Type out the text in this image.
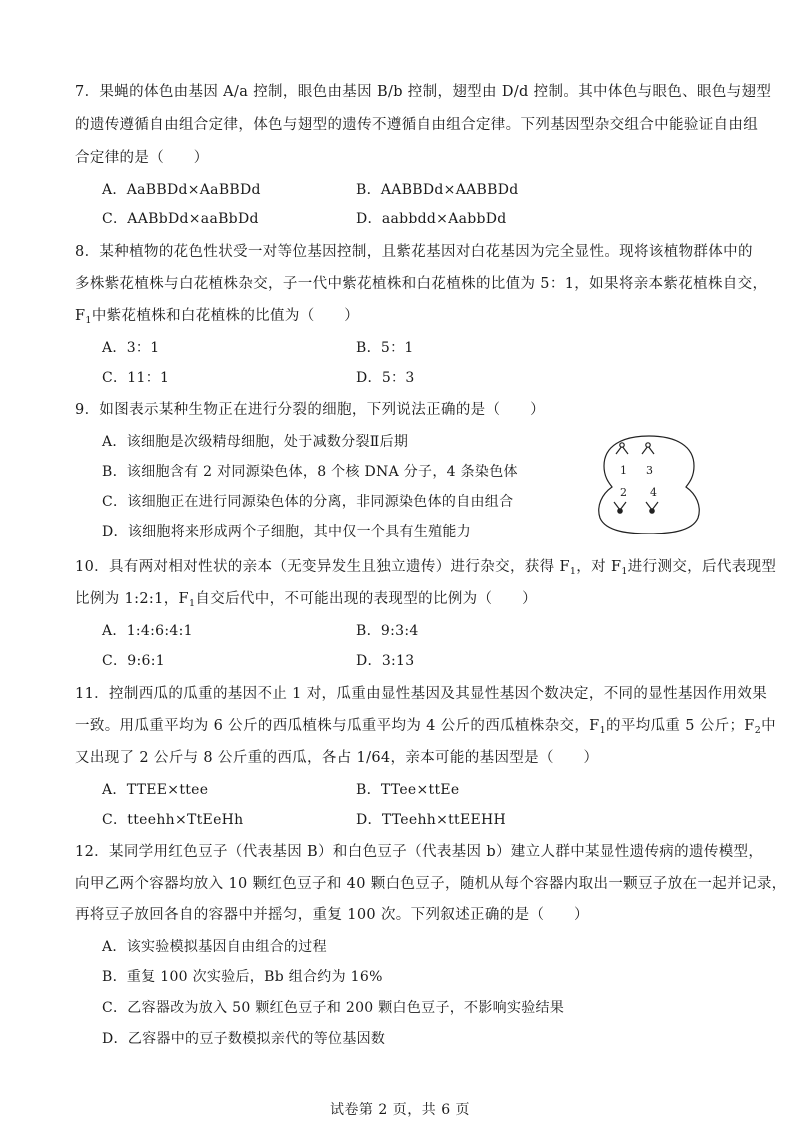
7．果蝇的体色由基因 A/a 控制，眼色由基因 B/b 控制，翅型由 D/d 控制。其中体色与眼色、眼色与翅型
的遗传遵循自由组合定律，体色与翅型的遗传不遵循自由组合定律。下列基因型杂交组合中能验证自由组
合定律的是（　　）
A．AaBBDd×AaBBDd	B．AABBDd×AABBDd
C．AABbDd×aaBbDd	D．aabbdd×AabbDd
8．某种植物的花色性状受一对等位基因控制，且紫花基因对白花基因为完全显性。现将该植物群体中的
多株紫花植株与白花植株杂交，子一代中紫花植株和白花植株的比值为 5：1，如果将亲本紫花植株自交，
$F_1$中紫花植株和白花植株的比值为（　　）
A．3：1	B．5：1
C．11：1	D．5：3
9．如图表示某种生物正在进行分裂的细胞，下列说法正确的是（　　）
A．该细胞是次级精母细胞，处于减数分裂Ⅱ后期
B．该细胞含有 2 对同源染色体，8 个核 DNA 分子，4 条染色体
C．该细胞正在进行同源染色体的分离，非同源染色体的自由组合
D．该细胞将来形成两个子细胞，其中仅一个具有生殖能力
1 3
2 4
10．具有两对相对性状的亲本（无变异发生且独立遗传）进行杂交，获得 $F_1$，对 $F_1$进行测交，后代表现型
比例为 1:2:1，$F_1$自交后代中，不可能出现的表现型的比例为（　　）
A．1:4:6:4:1	B．9:3:4
C．9:6:1	D．3:13
11．控制西瓜的瓜重的基因不止 1 对，瓜重由显性基因及其显性基因个数决定，不同的显性基因作用效果
一致。用瓜重平均为 6 公斤的西瓜植株与瓜重平均为 4 公斤的西瓜植株杂交，$F_1$的平均瓜重 5 公斤；$F_2$中
又出现了 2 公斤与 8 公斤重的西瓜，各占 1/64，亲本可能的基因型是（　　）
A．TTEE×ttee	B．TTee×ttEe
C．tteehh×TtEeHh	D．TTeehh×ttEEHH
12．某同学用红色豆子（代表基因 B）和白色豆子（代表基因 b）建立人群中某显性遗传病的遗传模型，
向甲乙两个容器均放入 10 颗红色豆子和 40 颗白色豆子，随机从每个容器内取出一颗豆子放在一起并记录，
再将豆子放回各自的容器中并摇匀，重复 100 次。下列叙述正确的是（　　）
A．该实验模拟基因自由组合的过程
B．重复 100 次实验后，Bb 组合约为 16%
C．乙容器改为放入 50 颗红色豆子和 200 颗白色豆子，不影响实验结果
D．乙容器中的豆子数模拟亲代的等位基因数
试卷第 2 页，共 6 页
